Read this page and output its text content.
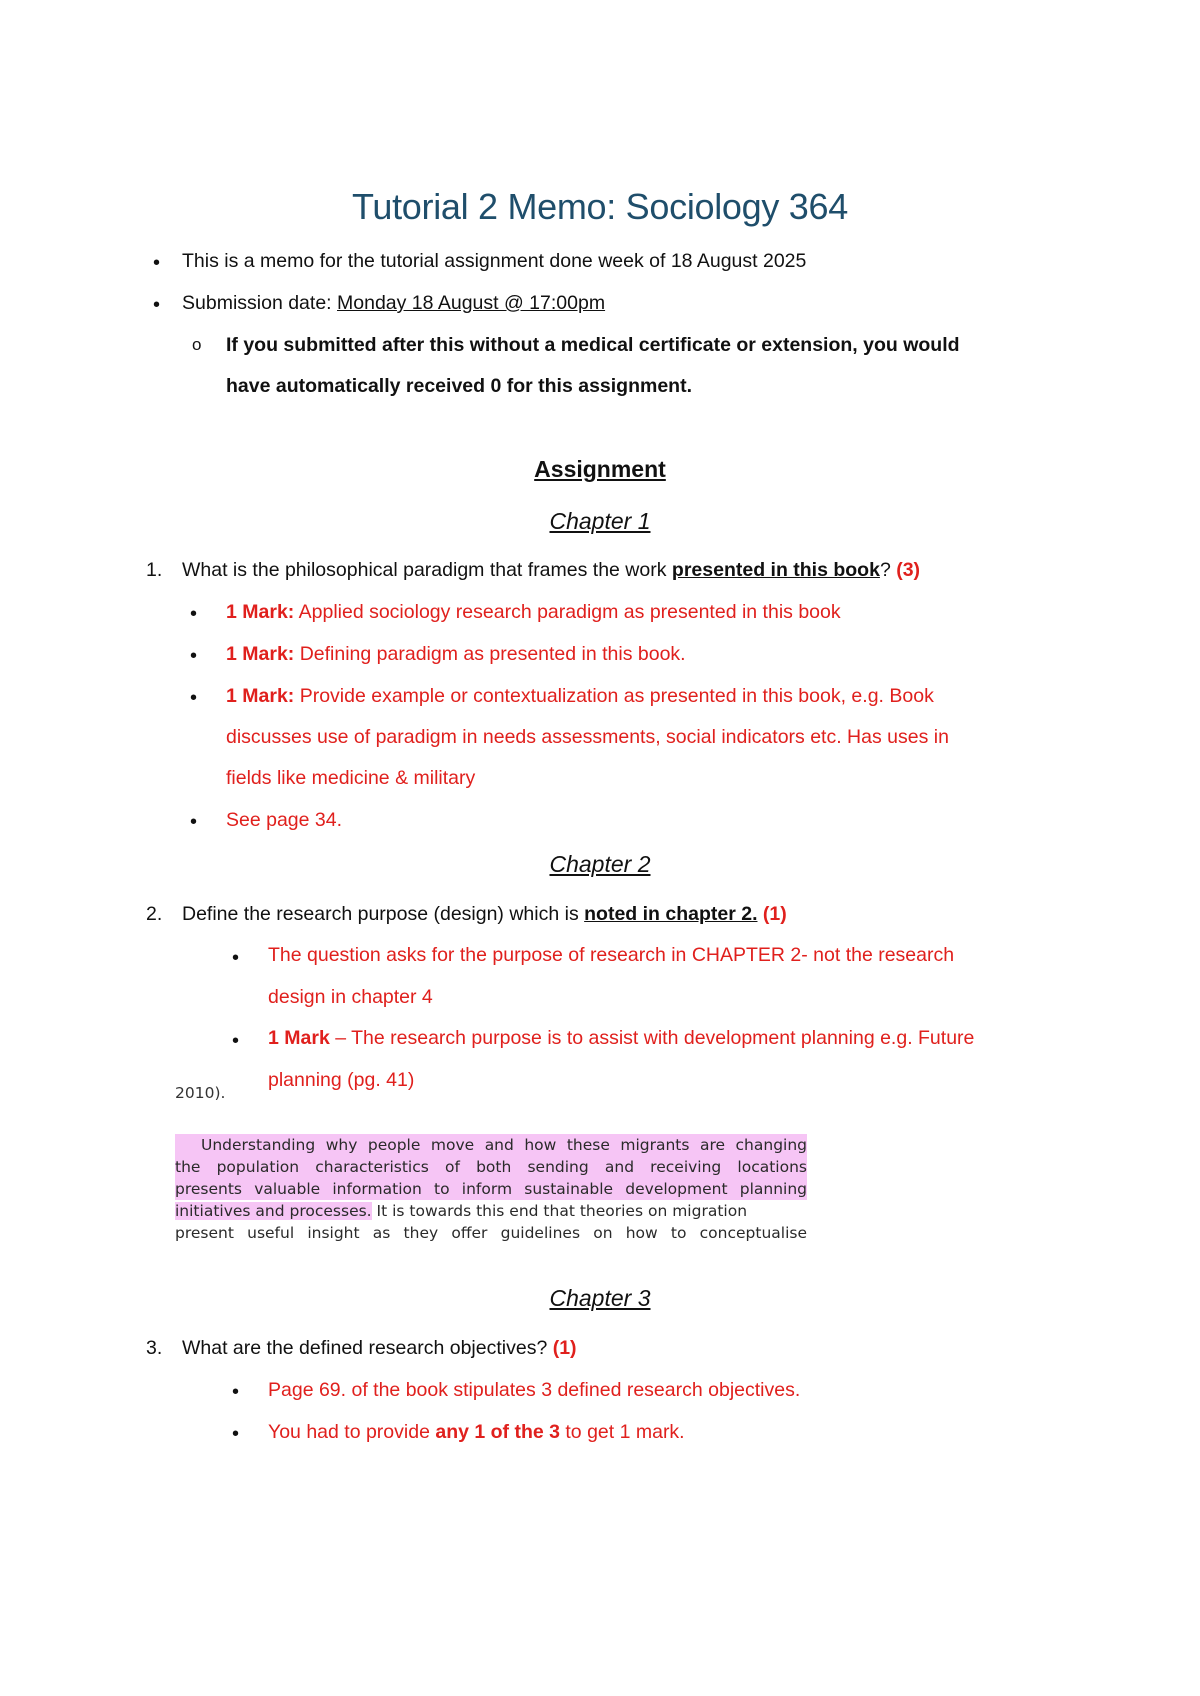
Tutorial 2 Memo: Sociology 364
• This is a memo for the tutorial assignment done week of 18 August 2025
• Submission date: Monday 18 August @ 17:00pm
o If you submitted after this without a medical certificate or extension, you would
have automatically received 0 for this assignment.
Assignment
Chapter 1
1. What is the philosophical paradigm that frames the work presented in this book? (3)
• 1 Mark: Applied sociology research paradigm as presented in this book
• 1 Mark: Defining paradigm as presented in this book.
• 1 Mark: Provide example or contextualization as presented in this book, e.g. Book
discusses use of paradigm in needs assessments, social indicators etc. Has uses in
fields like medicine & military
• See page 34.
Chapter 2
2. Define the research purpose (design) which is noted in chapter 2. (1)
• The question asks for the purpose of research in CHAPTER 2- not the research
design in chapter 4
• 1 Mark – The research purpose is to assist with development planning e.g. Future
planning (pg. 41)
2010).
Understanding why people move and how these migrants are changing
the population characteristics of both sending and receiving locations
presents valuable information to inform sustainable development planning
initiatives and processes. It is towards this end that theories on migration
present useful insight as they offer guidelines on how to conceptualise
Chapter 3
3. What are the defined research objectives? (1)
• Page 69. of the book stipulates 3 defined research objectives.
• You had to provide any 1 of the 3 to get 1 mark.
